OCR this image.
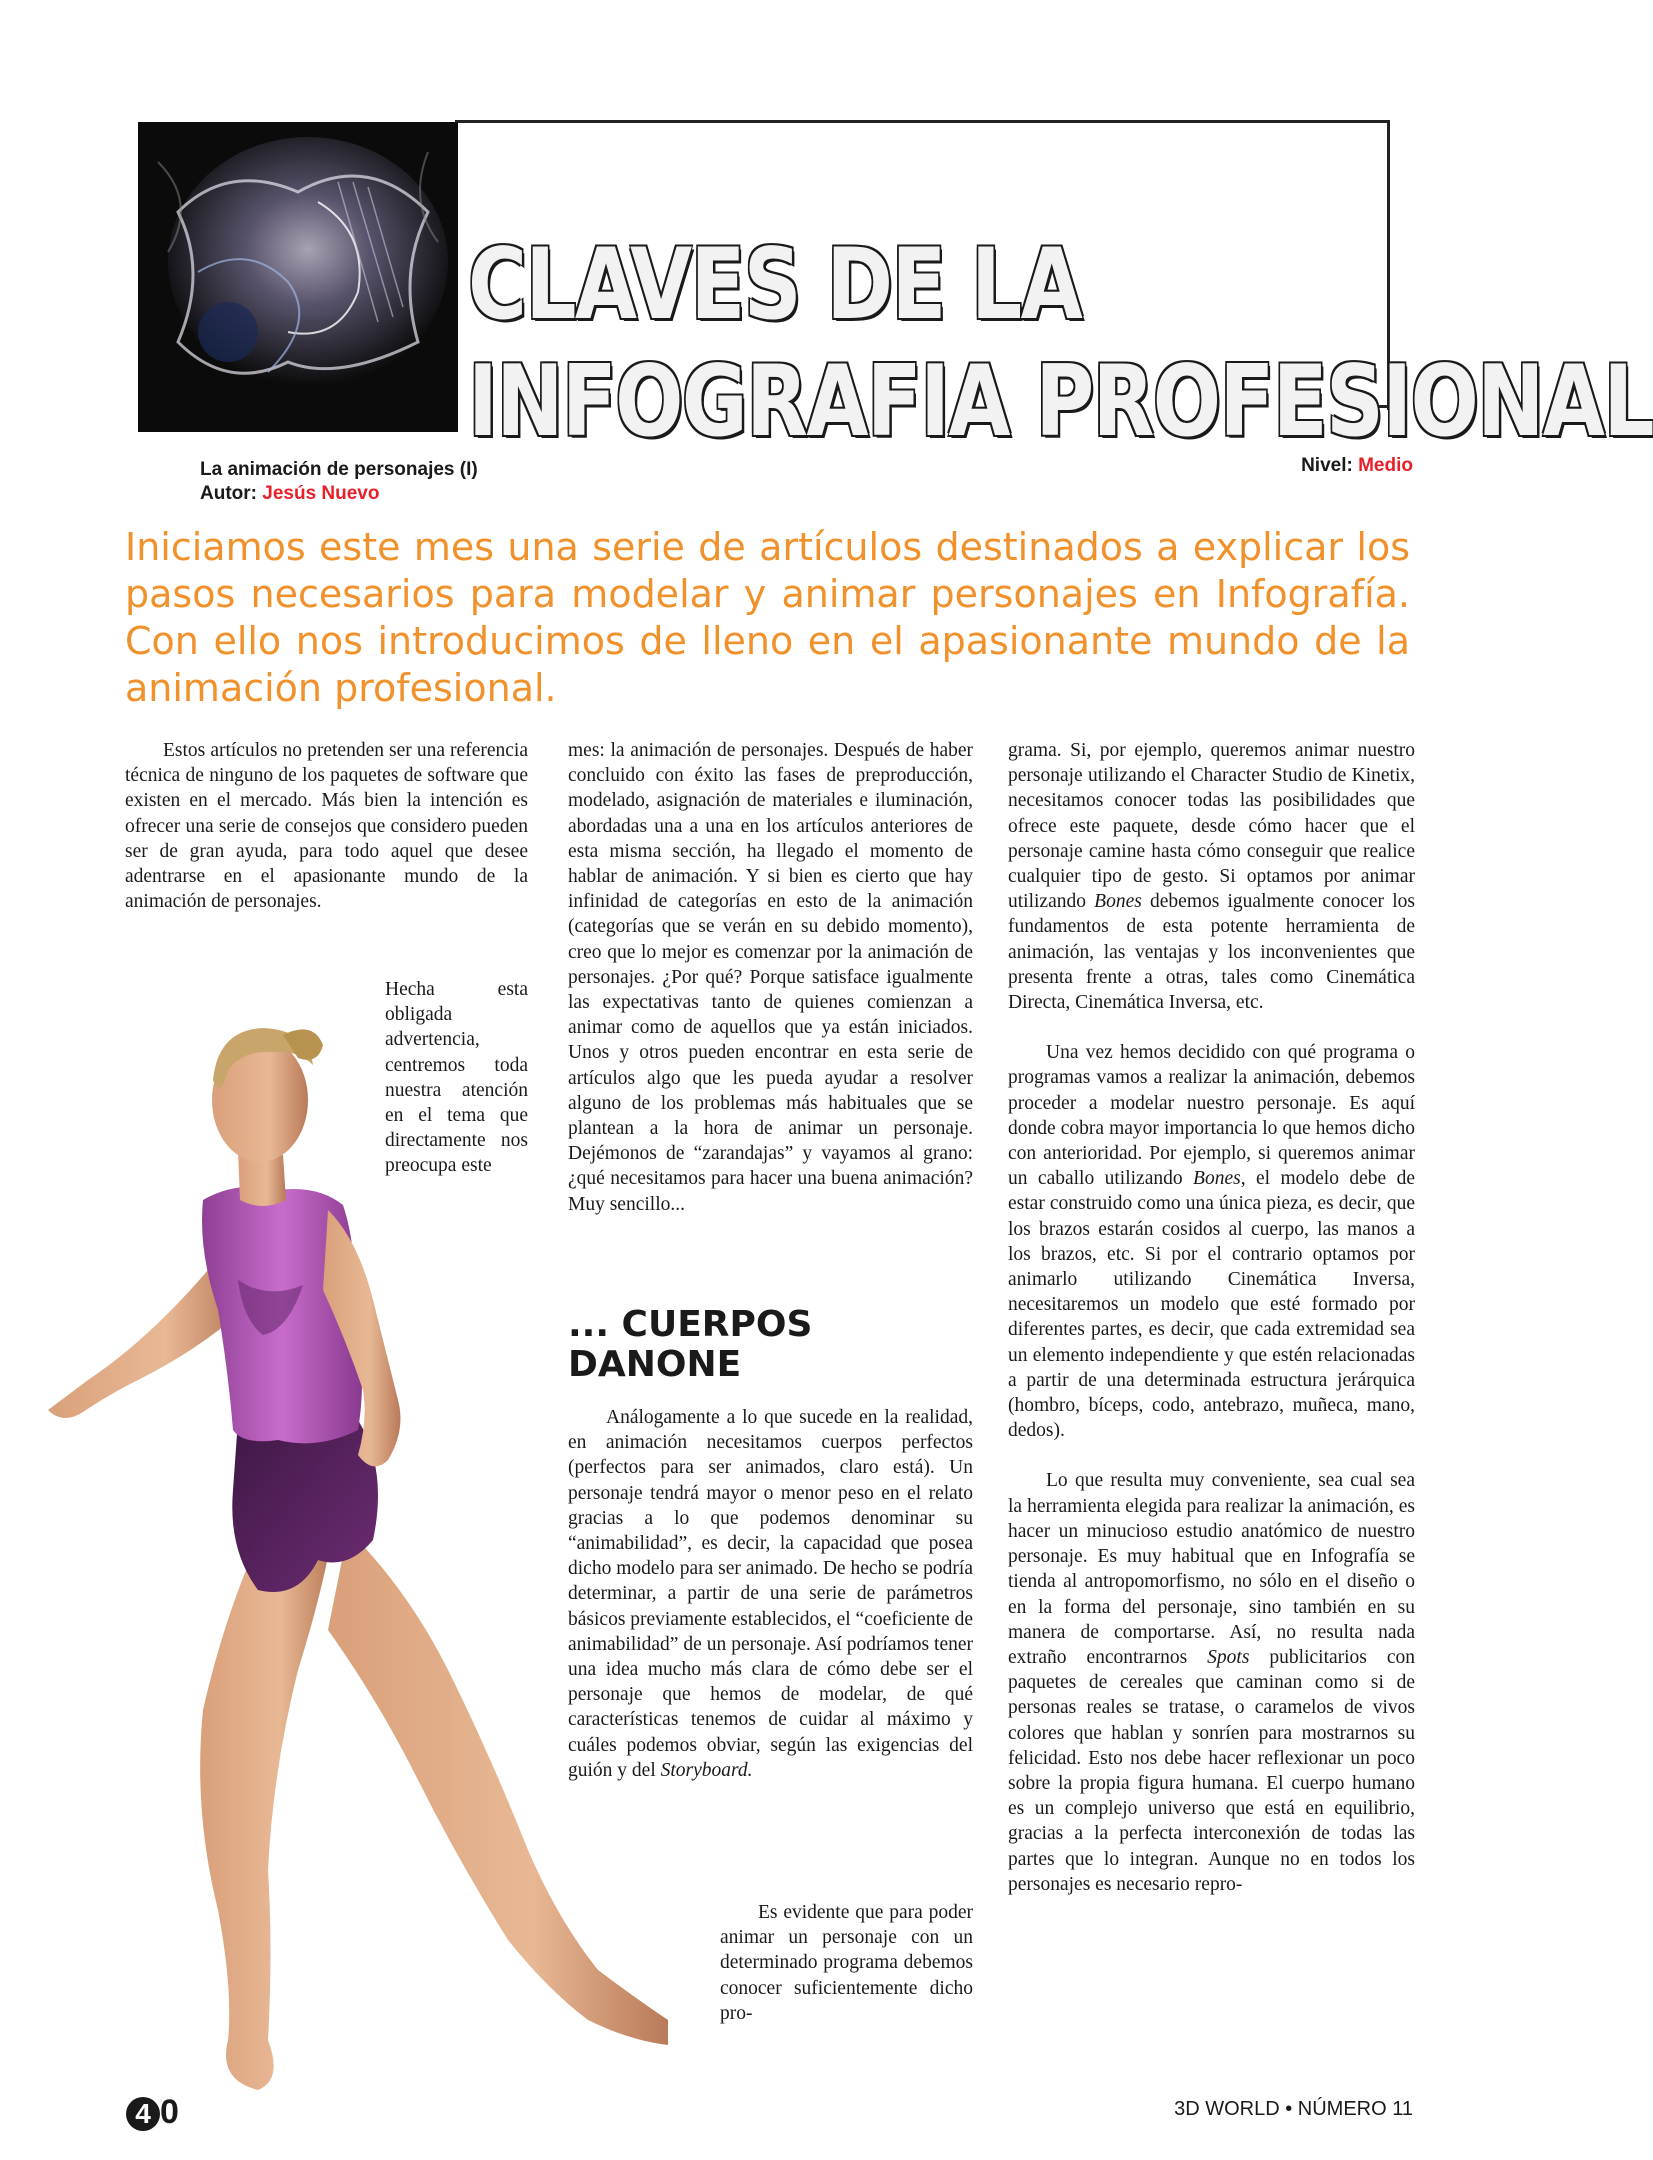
CLAVES DE LA
INFOGRAFIA PROFESIONAL
La animación de personajes (I)
Autor: Jesús Nuevo
Nivel: Medio
Iniciamos este mes una serie de artículos destinados a explicar los pasos necesarios para modelar y animar personajes en Infografía. Con ello nos introducimos de lleno en el apasionante mundo de la animación profesional.

Estos artículos no pretenden ser una referencia técnica de ninguno de los paquetes de software que existen en el mercado. Más bien la intención es ofrecer una serie de consejos que considero pueden ser de gran ayuda, para todo aquel que desee adentrarse en el apasionante mundo de la animación de personajes.

Hecha esta obligada advertencia, centremos toda nuestra atención en el tema que directamente nos preocupa este

mes: la animación de personajes. Después de haber concluido con éxito las fases de preproducción, modelado, asignación de materiales e iluminación, abordadas una a una en los artículos anteriores de esta misma sección, ha llegado el momento de hablar de animación. Y si bien es cierto que hay infinidad de categorías en esto de la animación (categorías que se verán en su debido momento), creo que lo mejor es comenzar por la animación de personajes. ¿Por qué? Porque satisface igualmente las expectativas tanto de quienes comienzan a animar como de aquellos que ya están iniciados. Unos y otros pueden encontrar en esta serie de artículos algo que les pueda ayudar a resolver alguno de los problemas más habituales que se plantean a la hora de animar un personaje. Dejémonos de “zarandajas” y vayamos al grano: ¿qué necesitamos para hacer una buena animación? Muy sencillo...

... CUERPOS
DANONE

Análogamente a lo que sucede en la realidad, en animación necesitamos cuerpos perfectos (perfectos para ser animados, claro está). Un personaje tendrá mayor o menor peso en el relato gracias a lo que podemos denominar su “animabilidad”, es decir, la capacidad que posea dicho modelo para ser animado. De hecho se podría determinar, a partir de una serie de parámetros básicos previamente establecidos, el “coeficiente de animabilidad” de un personaje. Así podríamos tener una idea mucho más clara de cómo debe ser el personaje que hemos de modelar, de qué características tenemos de cuidar al máximo y cuáles podemos obviar, según las exigencias del guión y del Storyboard.

Es evidente que para poder animar un personaje con un determinado programa debemos conocer suficientemente dicho pro-

grama. Si, por ejemplo, queremos animar nuestro personaje utilizando el Character Studio de Kinetix, necesitamos conocer todas las posibilidades que ofrece este paquete, desde cómo hacer que el personaje camine hasta cómo conseguir que realice cualquier tipo de gesto. Si optamos por animar utilizando Bones debemos igualmente conocer los fundamentos de esta potente herramienta de animación, las ventajas y los inconvenientes que presenta frente a otras, tales como Cinemática Directa, Cinemática Inversa, etc.

Una vez hemos decidido con qué programa o programas vamos a realizar la animación, debemos proceder a modelar nuestro personaje. Es aquí donde cobra mayor importancia lo que hemos dicho con anterioridad. Por ejemplo, si queremos animar un caballo utilizando Bones, el modelo debe de estar construido como una única pieza, es decir, que los brazos estarán cosidos al cuerpo, las manos a los brazos, etc. Si por el contrario optamos por animarlo utilizando Cinemática Inversa, necesitaremos un modelo que esté formado por diferentes partes, es decir, que cada extremidad sea un elemento independiente y que estén relacionadas a partir de una determinada estructura jerárquica (hombro, bíceps, codo, antebrazo, muñeca, mano, dedos).

Lo que resulta muy conveniente, sea cual sea la herramienta elegida para realizar la animación, es hacer un minucioso estudio anatómico de nuestro personaje. Es muy habitual que en Infografía se tienda al antropomorfismo, no sólo en el diseño o en la forma del personaje, sino también en su manera de comportarse. Así, no resulta nada extraño encontrarnos Spots publicitarios con paquetes de cereales que caminan como si de personas reales se tratase, o caramelos de vivos colores que hablan y sonríen para mostrarnos su felicidad. Esto nos debe hacer reflexionar un poco sobre la propia figura humana. El cuerpo humano es un complejo universo que está en equilibrio, gracias a la perfecta interconexión de todas las partes que lo integran. Aunque no en todos los personajes es necesario repro-

4 0	3D WORLD • NÚMERO 11
